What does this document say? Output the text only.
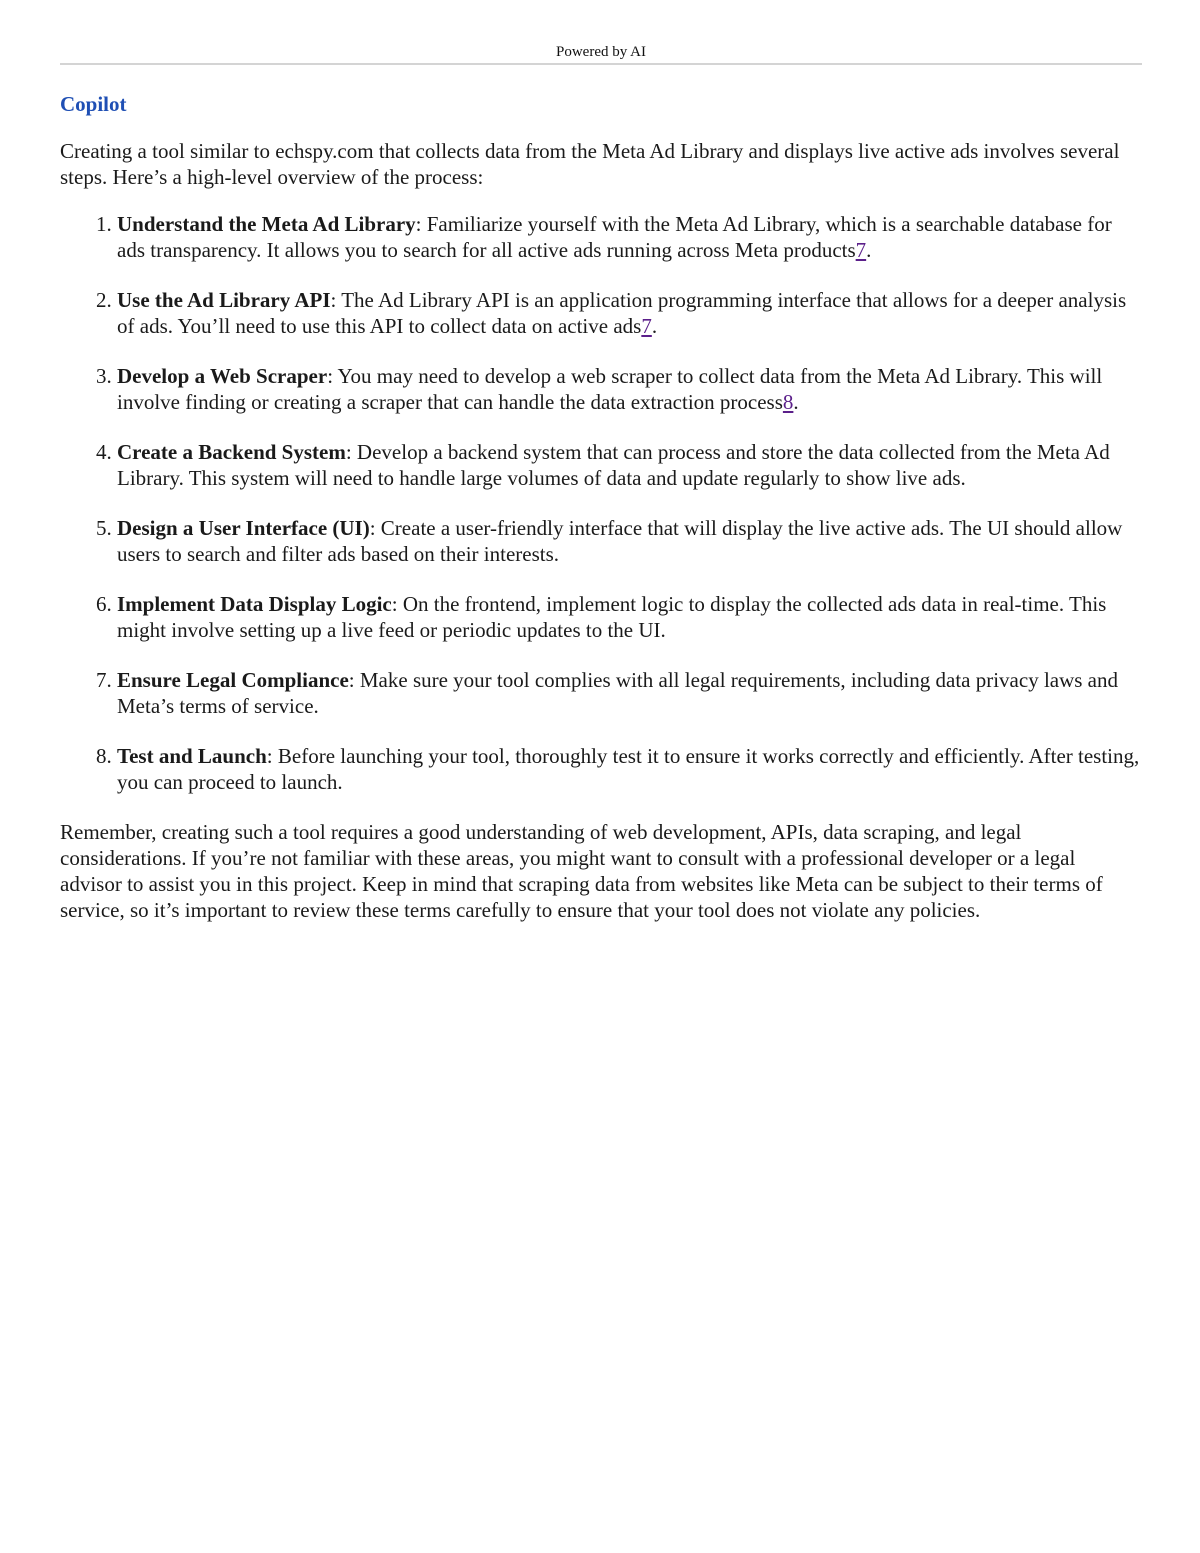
Powered by AI
Copilot

Creating a tool similar to echspy.com that collects data from the Meta Ad Library and displays live active ads involves several steps. Here’s a high-level overview of the process:

1. Understand the Meta Ad Library: Familiarize yourself with the Meta Ad Library, which is a searchable database for ads transparency. It allows you to search for all active ads running across Meta products7.
2. Use the Ad Library API: The Ad Library API is an application programming interface that allows for a deeper analysis of ads. You’ll need to use this API to collect data on active ads7.
3. Develop a Web Scraper: You may need to develop a web scraper to collect data from the Meta Ad Library. This will involve finding or creating a scraper that can handle the data extraction process8.
4. Create a Backend System: Develop a backend system that can process and store the data collected from the Meta Ad Library. This system will need to handle large volumes of data and update regularly to show live ads.
5. Design a User Interface (UI): Create a user-friendly interface that will display the live active ads. The UI should allow users to search and filter ads based on their interests.
6. Implement Data Display Logic: On the frontend, implement logic to display the collected ads data in real-time. This might involve setting up a live feed or periodic updates to the UI.
7. Ensure Legal Compliance: Make sure your tool complies with all legal requirements, including data privacy laws and Meta’s terms of service.
8. Test and Launch: Before launching your tool, thoroughly test it to ensure it works correctly and efficiently. After testing, you can proceed to launch.

Remember, creating such a tool requires a good understanding of web development, APIs, data scraping, and legal considerations. If you’re not familiar with these areas, you might want to consult with a professional developer or a legal advisor to assist you in this project. Keep in mind that scraping data from websites like Meta can be subject to their terms of service, so it’s important to review these terms carefully to ensure that your tool does not violate any policies.
